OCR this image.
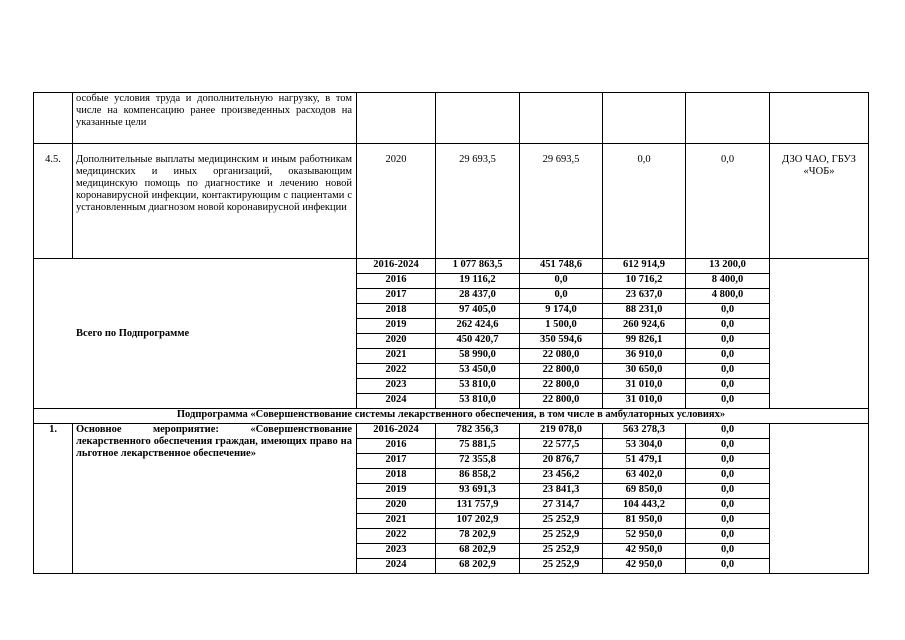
	особые условия труда и дополнительную нагрузку, в том числе на компенсацию ранее произведенных расходов на указанные цели						
4.5.	Дополнительные выплаты медицинским и иным работникам медицинских и иных организаций, оказывающим медицинскую помощь по диагностике и лечению новой коронавирусной инфекции, контактирующим с пациентами с установленным диагнозом новой коронавирусной инфекции	2020	29 693,5	29 693,5	0,0	0,0	ДЗО ЧАО, ГБУЗ «ЧОБ»
Всего по Подпрограмме		2016-2024	1 077 863,5	451 748,6	612 914,9	13 200,0	
		2016	19 116,2	0,0	10 716,2	8 400,0	
		2017	28 437,0	0,0	23 637,0	4 800,0	
		2018	97 405,0	9 174,0	88 231,0	0,0	
		2019	262 424,6	1 500,0	260 924,6	0,0	
		2020	450 420,7	350 594,6	99 826,1	0,0	
		2021	58 990,0	22 080,0	36 910,0	0,0	
		2022	53 450,0	22 800,0	30 650,0	0,0	
		2023	53 810,0	22 800,0	31 010,0	0,0	
		2024	53 810,0	22 800,0	31 010,0	0,0	
Подпрограмма «Совершенствование системы лекарственного обеспечения, в том числе в амбулаторных условиях»							
1.	Основное мероприятие: «Совершенствование лекарственного обеспечения граждан, имеющих право на льготное лекарственное обеспечение»	2016-2024	782 356,3	219 078,0	563 278,3	0,0	
		2016	75 881,5	22 577,5	53 304,0	0,0	
		2017	72 355,8	20 876,7	51 479,1	0,0	
		2018	86 858,2	23 456,2	63 402,0	0,0	
		2019	93 691,3	23 841,3	69 850,0	0,0	
		2020	131 757,9	27 314,7	104 443,2	0,0	
		2021	107 202,9	25 252,9	81 950,0	0,0	
		2022	78 202,9	25 252,9	52 950,0	0,0	
		2023	68 202,9	25 252,9	42 950,0	0,0	
		2024	68 202,9	25 252,9	42 950,0	0,0	
